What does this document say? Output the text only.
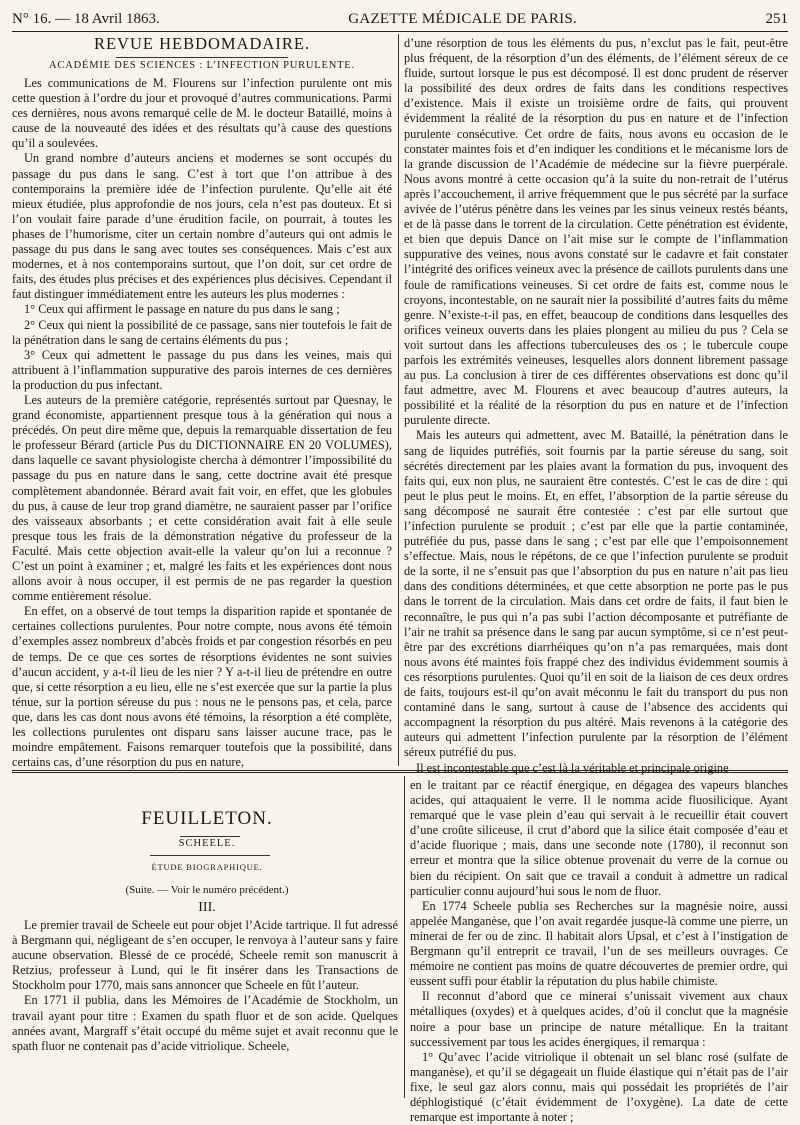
N° 16. — 18 Avril 1863.	GAZETTE MÉDICALE DE PARIS.	251
REVUE HEBDOMADAIRE.
ACADÉMIE DES SCIENCES : L’INFECTION PURULENTE.

Les communications de M. Flourens sur l’infection purulente ont mis cette question à l’ordre du jour et provoqué d’autres communications. Parmi ces dernières, nous avons remarqué celle de M. le docteur Bataillé, moins à cause de la nouveauté des idées et des résultats qu’à cause des questions qu’il a soulevées.

Un grand nombre d’auteurs anciens et modernes se sont occupés du passage du pus dans le sang. C’est à tort que l’on attribue à des contemporains la première idée de l’infection purulente. Qu’elle ait été mieux étudiée, plus approfondie de nos jours, cela n’est pas douteux. Et si l’on voulait faire parade d’une érudition facile, on pourrait, à toutes les phases de l’humorisme, citer un certain nombre d’auteurs qui ont admis le passage du pus dans le sang avec toutes ses conséquences. Mais c’est aux modernes, et à nos contemporains surtout, que l’on doit, sur cet ordre de faits, des études plus précises et des expériences plus décisives. Cependant il faut distinguer immédiatement entre les auteurs les plus modernes :

1° Ceux qui affirment le passage en nature du pus dans le sang ;

2° Ceux qui nient la possibilité de ce passage, sans nier toutefois le fait de la pénétration dans le sang de certains éléments du pus ;

3° Ceux qui admettent le passage du pus dans les veines, mais qui attribuent à l’inflammation suppurative des parois internes de ces dernières la production du pus infectant.

Les auteurs de la première catégorie, représentés surtout par Quesnay, le grand économiste, appartiennent presque tous à la génération qui nous a précédés. On peut dire même que, depuis la remarquable dissertation de feu le professeur Bérard (article Pus du DICTIONNAIRE EN 20 VOLUMES), dans laquelle ce savant physiologiste chercha à démontrer l’impossibilité du passage du pus en nature dans le sang, cette doctrine avait été presque complètement abandonnée. Bérard avait fait voir, en effet, que les globules du pus, à cause de leur trop grand diamètre, ne sauraient passer par l’orifice des vaisseaux absorbants ; et cette considération avait fait à elle seule presque tous les frais de la démonstration négative du professeur de la Faculté. Mais cette objection avait-elle la valeur qu’on lui a reconnue ? C’est un point à examiner ; et, malgré les faits et les expériences dont nous allons avoir à nous occuper, il est permis de ne pas regarder la question comme entièrement résolue.

En effet, on a observé de tout temps la disparition rapide et spontanée de certaines collections purulentes. Pour notre compte, nous avons été témoin d’exemples assez nombreux d’abcès froids et par congestion résorbés en peu de temps. De ce que ces sortes de résorptions évidentes ne sont suivies d’aucun accident, y a-t-il lieu de les nier ? Y a-t-il lieu de prétendre en outre que, si cette résorption a eu lieu, elle ne s’est exercée que sur la partie la plus ténue, sur la portion séreuse du pus : nous ne le pensons pas, et cela, parce que, dans les cas dont nous avons été témoins, la résorption a été complète, les collections purulentes ont disparu sans laisser aucune trace, pas le moindre empâtement. Faisons remarquer toutefois que la possibilité, dans certains cas, d’une résorption du pus en nature,

d’une résorption de tous les éléments du pus, n’exclut pas le fait, peut-être plus fréquent, de la résorption d’un des éléments, de l’élément séreux de ce fluide, surtout lorsque le pus est décomposé. Il est donc prudent de réserver la possibilité des deux ordres de faits dans les conditions respectives d’existence. Mais il existe un troisième ordre de faits, qui prouvent évidemment la réalité de la résorption du pus en nature et de l’infection purulente consécutive. Cet ordre de faits, nous avons eu occasion de le constater maintes fois et d’en indiquer les conditions et le mécanisme lors de la grande discussion de l’Académie de médecine sur la fièvre puerpérale. Nous avons montré à cette occasion qu’à la suite du non-retrait de l’utérus après l’accouchement, il arrive fréquemment que le pus sécrété par la surface avivée de l’utérus pénètre dans les veines par les sinus veineux restés béants, et de là passe dans le torrent de la circulation. Cette pénétration est évidente, et bien que depuis Dance on l’ait mise sur le compte de l’inflammation suppurative des veines, nous avons constaté sur le cadavre et fait constater l’intégrité des orifices veineux avec la présence de caillots purulents dans une foule de ramifications veineuses. Si cet ordre de faits est, comme nous le croyons, incontestable, on ne saurait nier la possibilité d’autres faits du même genre. N’existe-t-il pas, en effet, beaucoup de conditions dans lesquelles des orifices veineux ouverts dans les plaies plongent au milieu du pus ? Cela se voit surtout dans les affections tuberculeuses des os ; le tubercule coupe parfois les extrémités veineuses, lesquelles alors donnent librement passage au pus. La conclusion à tirer de ces différentes observations est donc qu’il faut admettre, avec M. Flourens et avec beaucoup d’autres auteurs, la possibilité et la réalité de la résorption du pus en nature et de l’infection purulente directe.

Mais les auteurs qui admettent, avec M. Bataillé, la pénétration dans le sang de liquides putréfiés, soit fournis par la partie séreuse du sang, soit sécrétés directement par les plaies avant la formation du pus, invoquent des faits qui, eux non plus, ne sauraient être contestés. C’est le cas de dire : qui peut le plus peut le moins. Et, en effet, l’absorption de la partie séreuse du sang décomposé ne saurait être contestée : c’est par elle surtout que l’infection purulente se produit ; c’est par elle que la partie contaminée, putréfiée du pus, passe dans le sang ; c’est par elle que l’empoisonnement s’effectue. Mais, nous le répétons, de ce que l’infection purulente se produit de la sorte, il ne s’ensuit pas que l’absorption du pus en nature n’ait pas lieu dans des conditions déterminées, et que cette absorption ne porte pas le pus dans le torrent de la circulation. Mais dans cet ordre de faits, il faut bien le reconnaître, le pus qui n’a pas subi l’action décomposante et putréfiante de l’air ne trahit sa présence dans le sang par aucun symptôme, si ce n’est peut-être par des excrétions diarrhéiques qu’on n’a pas remarquées, mais dont nous avons été maintes fois frappé chez des individus évidemment soumis à ces résorptions purulentes. Quoi qu’il en soit de la liaison de ces deux ordres de faits, toujours est-il qu’on avait méconnu le fait du transport du pus non contaminé dans le sang, surtout à cause de l’absence des accidents qui accompagnent la résorption du pus altéré. Mais revenons à la catégorie des auteurs qui admettent l’infection purulente par la résorption de l’élément séreux putréfié du pus.

Il est incontestable que c’est là la véritable et principale origine

FEUILLETON.
SCHEELE.
ÉTUDE BIOGRAPHIQUE.
(Suite. — Voir le numéro précédent.)
III.

Le premier travail de Scheele eut pour objet l’Acide tartrique. Il fut adressé à Bergmann qui, négligeant de s’en occuper, le renvoya à l’auteur sans y faire aucune observation. Blessé de ce procédé, Scheele remit son manuscrit à Retzius, professeur à Lund, qui le fit insérer dans les Transactions de Stockholm pour 1770, mais sans annoncer que Scheele en fût l’auteur.

En 1771 il publia, dans les Mémoires de l’Académie de Stockholm, un travail ayant pour titre : Examen du spath fluor et de son acide. Quelques années avant, Margraff s’était occupé du même sujet et avait reconnu que le spath fluor ne contenait pas d’acide vitriolique. Scheele,

en le traitant par ce réactif énergique, en dégagea des vapeurs blanches acides, qui attaquaient le verre. Il le nomma acide fluosilicique. Ayant remarqué que le vase plein d’eau qui servait à le recueillir était couvert d’une croûte siliceuse, il crut d’abord que la silice était composée d’eau et d’acide fluorique ; mais, dans une seconde note (1780), il reconnut son erreur et montra que la silice obtenue provenait du verre de la cornue ou bien du récipient. On sait que ce travail a conduit à admettre un radical particulier connu aujourd’hui sous le nom de fluor.

En 1774 Scheele publia ses Recherches sur la magnésie noire, aussi appelée Manganèse, que l’on avait regardée jusque-là comme une pierre, un minerai de fer ou de zinc. Il habitait alors Upsal, et c’est à l’instigation de Bergmann qu’il entreprit ce travail, l’un de ses meilleurs ouvrages. Ce mémoire ne contient pas moins de quatre découvertes de premier ordre, qui eussent suffi pour établir la réputation du plus habile chimiste.

Il reconnut d’abord que ce minerai s’unissait vivement aux chaux métalliques (oxydes) et à quelques acides, d’où il conclut que la magnésie noire a pour base un principe de nature métallique. En la traitant successivement par tous les acides énergiques, il remarqua :

1° Qu’avec l’acide vitriolique il obtenait un sel blanc rosé (sulfate de manganèse), et qu’il se dégageait un fluide élastique qui n’était pas de l’air fixe, le seul gaz alors connu, mais qui possédait les propriétés de l’air déphlogistiqué (c’était évidemment de l’oxygène). La date de cette remarque est importante à noter ;
